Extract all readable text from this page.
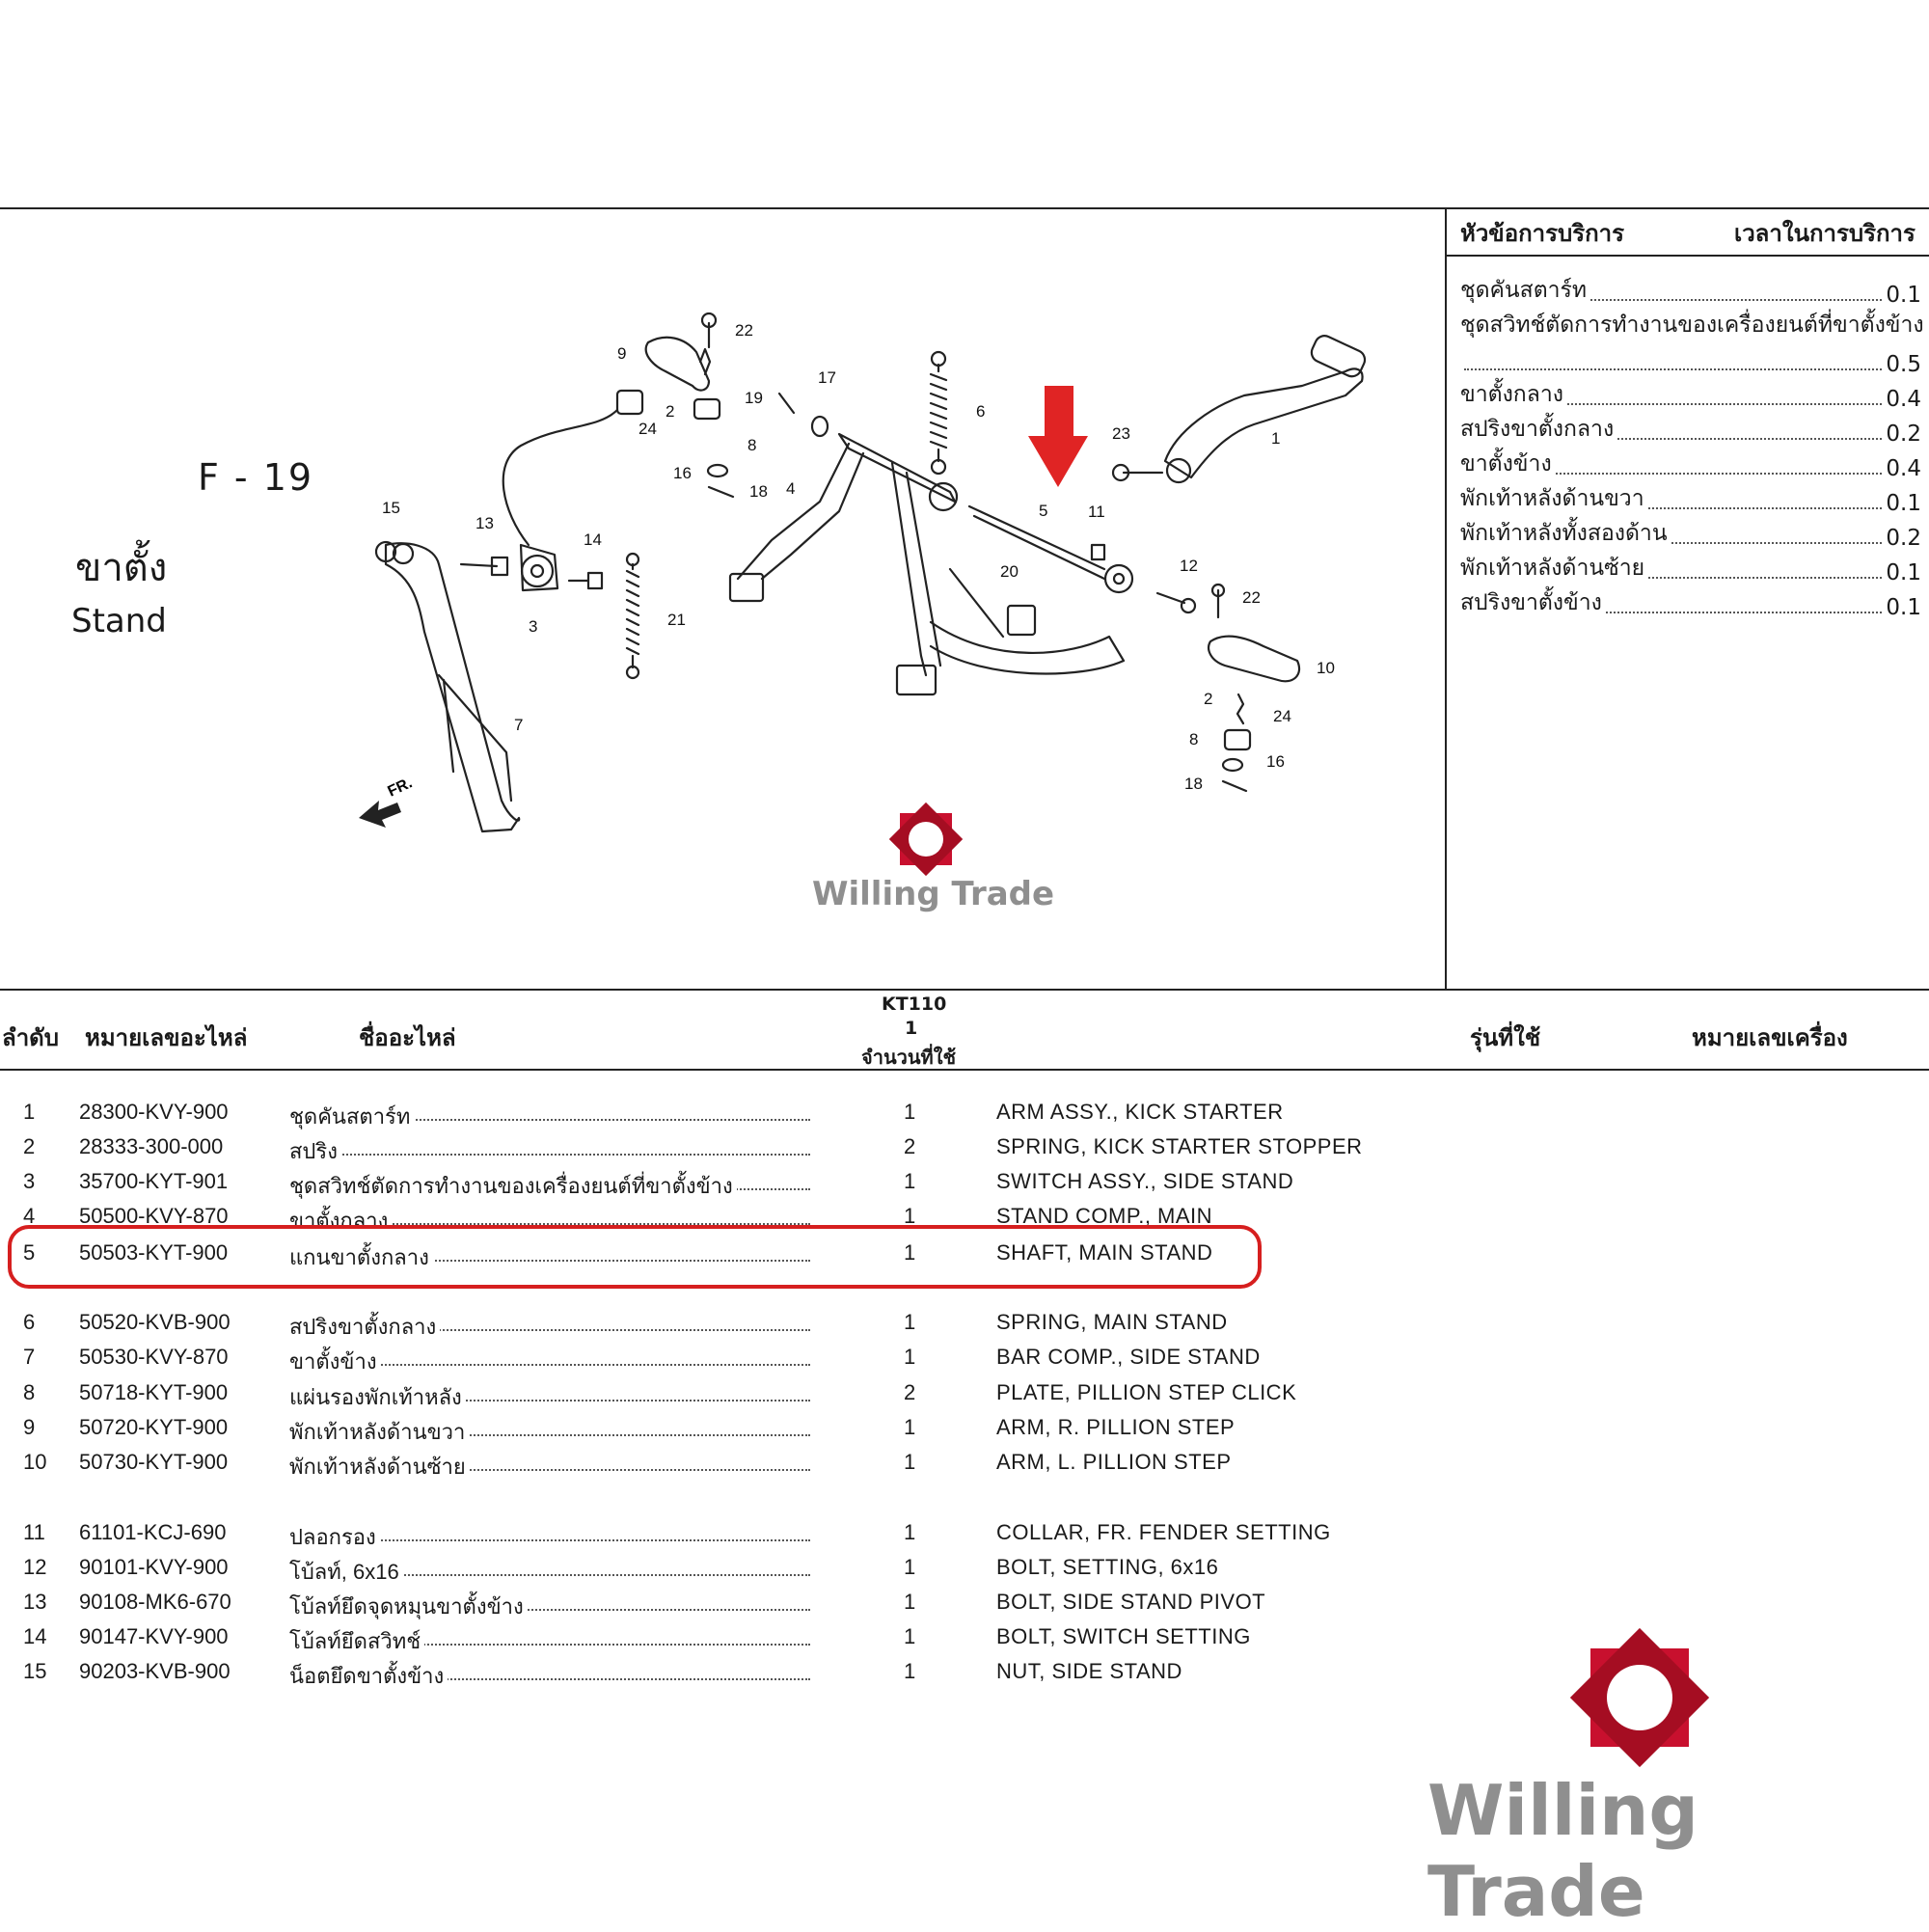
F - 19
ขาตั้ง
Stand
หัวข้อการบริการ	เวลาในการบริการ
ชุดคันสตาร์ท	0.1
ชุดสวิทช์ตัดการทำงานของเครื่องยนต์ที่ขาตั้งข้าง
0.5
ขาตั้งกลาง	0.4
สปริงขาตั้งกลาง	0.2
ขาตั้งข้าง	0.4
พักเท้าหลังด้านขวา	0.1
พักเท้าหลังทั้งสองด้าน	0.2
พักเท้าหลังด้านซ้าย	0.1
สปริงขาตั้งข้าง	0.1
FR.
1
2
3
4
5
6
7
8
9
10
11
12
13
14
15
16
17
18
19
20
21
22
23
24
2
24
8
16
18
22
Willing Trade
ลำดับ หมายเลขอะไหล่	ชื่ออะไหล่
KT110
1
จำนวนที่ใช้
รุ่นที่ใช้	หมายเลขเครื่อง
1	28300-KVY-900	ชุดคันสตาร์ท	1	ARM ASSY., KICK STARTER
2	28333-300-000	สปริง	2	SPRING, KICK STARTER STOPPER
3	35700-KYT-901	ชุดสวิทช์ตัดการทำงานของเครื่องยนต์ที่ขาตั้งข้าง	1	SWITCH ASSY., SIDE STAND
4	50500-KVY-870	ขาตั้งกลาง	1	STAND COMP., MAIN
5	50503-KYT-900	แกนขาตั้งกลาง	1	SHAFT, MAIN STAND
6	50520-KVB-900	สปริงขาตั้งกลาง	1	SPRING, MAIN STAND
7	50530-KVY-870	ขาตั้งข้าง	1	BAR COMP., SIDE STAND
8	50718-KYT-900	แผ่นรองพักเท้าหลัง	2	PLATE, PILLION STEP CLICK
9	50720-KYT-900	พักเท้าหลังด้านขวา	1	ARM, R. PILLION STEP
10	50730-KYT-900	พักเท้าหลังด้านซ้าย	1	ARM, L. PILLION STEP
11	61101-KCJ-690	ปลอกรอง	1	COLLAR, FR. FENDER SETTING
12	90101-KVY-900	โบ้ลท์, 6x16	1	BOLT, SETTING, 6x16
13	90108-MK6-670	โบ้ลท์ยึดจุดหมุนขาตั้งข้าง	1	BOLT, SIDE STAND PIVOT
14	90147-KVY-900	โบ้ลท์ยึดสวิทช์	1	BOLT, SWITCH SETTING
15	90203-KVB-900	น็อตยึดขาตั้งข้าง	1	NUT, SIDE STAND
Willing Trade
